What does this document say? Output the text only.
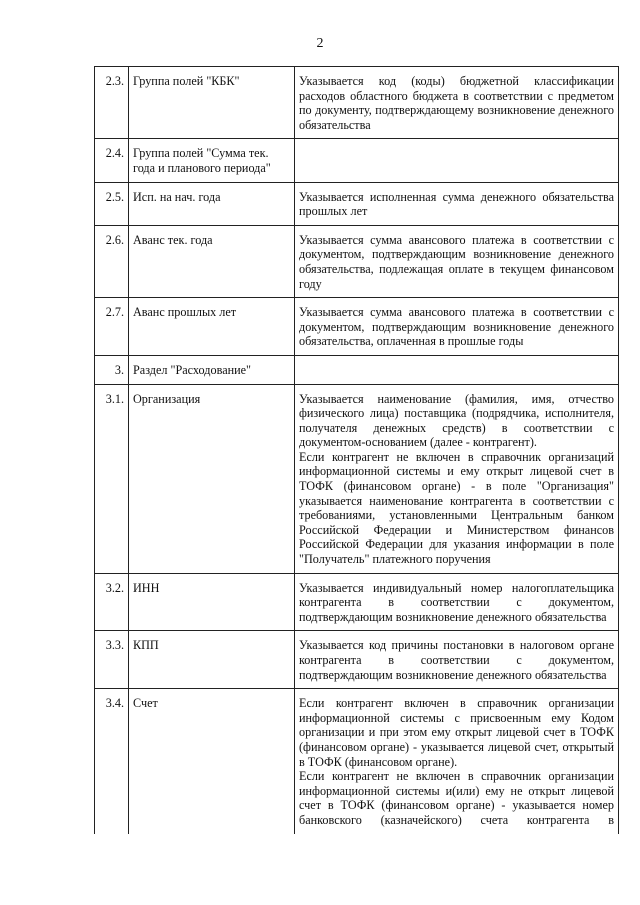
2
2.3.	Группа полей "КБК"	Указывается код (коды) бюджетной классификации расходов областного бюджета в соответствии с предметом по документу, подтверждающему возникновение денежного обязательства

2.4.	Группа полей "Сумма тек. года и планового периода"	
2.5.	Исп. на нач. года	Указывается исполненная сумма денежного обязательства прошлых лет

2.6.	Аванс тек. года	Указывается сумма авансового платежа в соответствии с документом, подтверждающим возникновение денежного обязательства, подлежащая оплате в текущем финансовом году

2.7.	Аванс прошлых лет	Указывается сумма авансового платежа в соответствии с документом, подтверждающим возникновение денежного обязательства, оплаченная в прошлые годы

3.	Раздел "Расходование"	
3.1.	Организация	Указывается наименование (фамилия, имя, отчество физического лица) поставщика (подрядчика, исполнителя, получателя денежных средств) в соответствии с документом-основанием (далее - контрагент).
Если контрагент не включен в справочник организаций информационной системы и ему открыт лицевой счет в ТОФК (финансовом органе) - в поле "Организация" указывается наименование контрагента в соответствии с требованиями, установленными Центральным банком Российской Федерации и Министерством финансов Российской Федерации для указания информации в поле "Получатель" платежного поручения

3.2.	ИНН	Указывается индивидуальный номер налогоплательщика контрагента в соответствии с документом, подтверждающим возникновение денежного обязательства

3.3.	КПП	Указывается код причины постановки в налоговом органе контрагента в соответствии с документом, подтверждающим возникновение денежного обязательства

3.4.	Счет	Если контрагент включен в справочник организации информационной системы с присвоенным ему Кодом организации и при этом ему открыт лицевой счет в ТОФК (финансовом органе) - указывается лицевой счет, открытый в ТОФК (финансовом органе).
Если контрагент не включен в справочник организации информационной системы и(или) ему не открыт лицевой счет в ТОФК (финансовом органе) - указывается номер банковского (казначейского) счета контрагента в
